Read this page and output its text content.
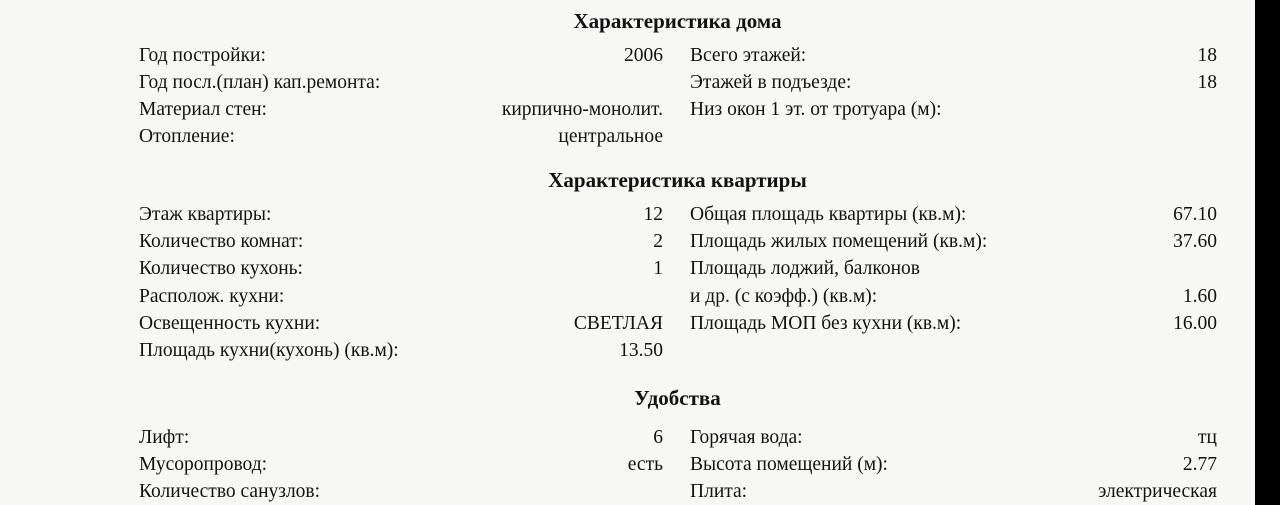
Характеристика дома
Год постройки:	2006 Всего этажей:	18
Год посл.(план) кап.ремонта:	Этажей в подъезде:	18
Материал стен:	кирпично-монолит. Низ окон 1 эт. от тротуара (м):
Отопление:	центральное
Характеристика квартиры
Этаж квартиры:	12 Общая площадь квартиры (кв.м):	67.10
Количество комнат:	2 Площадь жилых помещений (кв.м):	37.60
Количество кухонь:	1 Площадь лоджий, балконов
Располож. кухни:	и др. (с коэфф.) (кв.м):	1.60
Освещенность кухни:	СВЕТЛАЯ Площадь МОП без кухни (кв.м):	16.00
Площадь кухни(кухонь) (кв.м):	13.50
Удобства
Лифт:	6 Горячая вода:	тц
Мусоропровод:	есть Высота помещений (м):	2.77
Количество санузлов:	Плита:	электрическая
